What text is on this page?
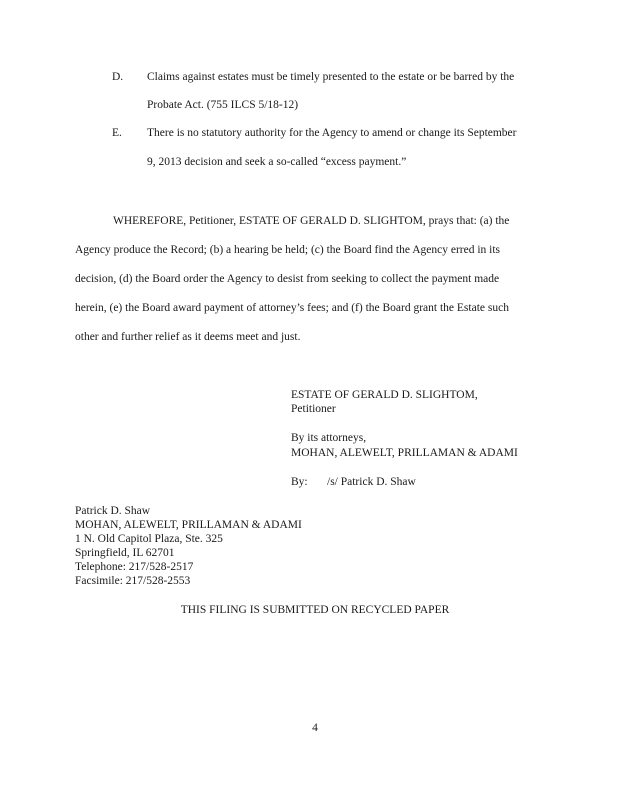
D. Claims against estates must be timely presented to the estate or be barred by the
Probate Act. (755 ILCS 5/18-12)
E. There is no statutory authority for the Agency to amend or change its September
9, 2013 decision and seek a so-called “excess payment.”
WHEREFORE, Petitioner, ESTATE OF GERALD D. SLIGHTOM, prays that: (a) the
Agency produce the Record; (b) a hearing be held; (c) the Board find the Agency erred in its
decision, (d) the Board order the Agency to desist from seeking to collect the payment made
herein, (e) the Board award payment of attorney’s fees; and (f) the Board grant the Estate such
other and further relief as it deems meet and just.
ESTATE OF GERALD D. SLIGHTOM,
Petitioner
By its attorneys,
MOHAN, ALEWELT, PRILLAMAN & ADAMI
By: /s/ Patrick D. Shaw
Patrick D. Shaw
MOHAN, ALEWELT, PRILLAMAN & ADAMI
1 N. Old Capitol Plaza, Ste. 325
Springfield, IL 62701
Telephone: 217/528-2517
Facsimile: 217/528-2553
THIS FILING IS SUBMITTED ON RECYCLED PAPER
4
